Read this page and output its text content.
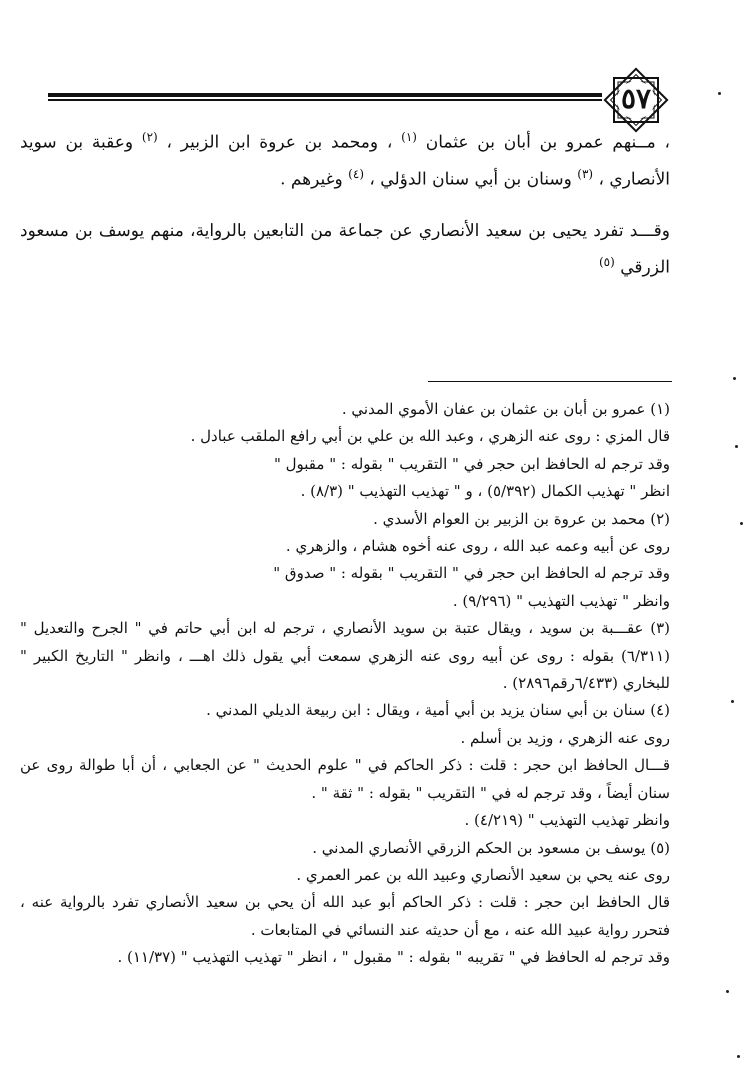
٥٧
، مــنهم عمرو بن أبان بن عثمان $^{(١)}$ ، ومحمد بن عروة ابن الزبير ، $^{(٢)}$ وعقبة بن سويد الأنصاري ، $^{(٣)}$ وسنان بن أبي سنان الدؤلي ، $^{(٤)}$ وغيرهم .
وقـــد تفرد يحيى بن سعيد الأنصاري عن جماعة من التابعين بالرواية، منهم يوسف بن مسعود الزرقي $^{(٥)}$
(١) عمرو بن أبان بن عثمان بن عفان الأموي المدني .
قال المزي : روى عنه الزهري ، وعبد الله بن علي بن أبي رافع الملقب عبادل .
وقد ترجم له الحافظ ابن حجر في " التقريب " بقوله : " مقبول "
انظر " تهذيب الكمال (٥/٣٩٢) ، و " تهذيب التهذيب " (٨/٣) .
(٢) محمد بن عروة بن الزبير بن العوام الأسدي .
روى عن أبيه وعمه عبد الله ، روى عنه أخوه هشام ، والزهري .
وقد ترجم له الحافظ ابن حجر في " التقريب " بقوله : " صدوق "
وانظر " تهذيب التهذيب " (٩/٢٩٦) .
(٣) عقـــبة بن سويد ، ويقال عتبة بن سويد الأنصاري ، ترجم له ابن أبي حاتم في " الجرح والتعديل "
(٦/٣١١) بقوله : روى عن أبيه روى عنه الزهري سمعت أبي يقول ذلك اهـــ ، وانظر " التاريخ الكبير "
للبخاري (٦/٤٣٣رقم٢٨٩٦) .
(٤) سنان بن أبي سنان يزيد بن أبي أمية ، ويقال : ابن ربيعة الديلي المدني .
روى عنه الزهري ، وزيد بن أسلم .
قـــال الحافظ ابن حجر : قلت : ذكر الحاكم في " علوم الحديث " عن الجعابي ، أن أبا طوالة روى عن
سنان أيضاً ، وقد ترجم له في " التقريب " بقوله : " ثقة " .
وانظر تهذيب التهذيب " (٤/٢١٩) .
(٥) يوسف بن مسعود بن الحكم الزرقي الأنصاري المدني .
روى عنه يحي بن سعيد الأنصاري وعبيد الله بن عمر العمري .
قال الحافظ ابن حجر : قلت : ذكر الحاكم أبو عبد الله أن يحي بن سعيد الأنصاري تفرد بالرواية عنه ،
فتحرر رواية عبيد الله عنه ، مع أن حديثه عند النسائي في المتابعات .
وقد ترجم له الحافظ في " تقريبه " بقوله : " مقبول " ، انظر " تهذيب التهذيب " (١١/٣٧) .
